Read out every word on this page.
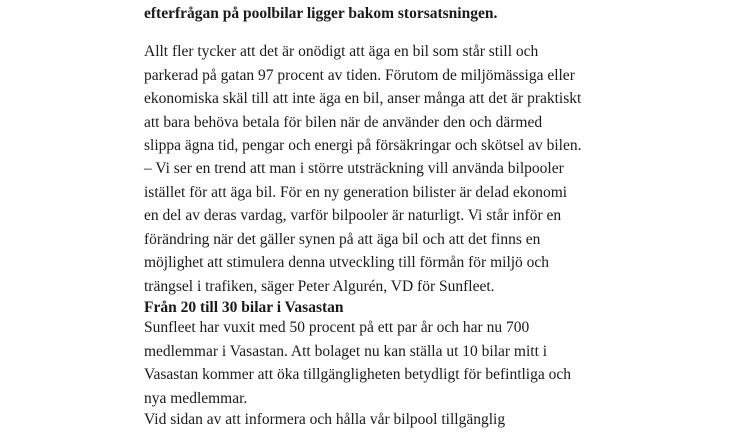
efterfrågan på poolbilar ligger bakom storsatsningen.

Allt fler tycker att det är onödigt att äga en bil som står still och
parkerad på gatan 97 procent av tiden. Förutom de miljömässiga eller
ekonomiska skäl till att inte äga en bil, anser många att det är praktiskt
att bara behöva betala för bilen när de använder den och därmed
slippa ägna tid, pengar och energi på försäkringar och skötsel av bilen.

– Vi ser en trend att man i större utsträckning vill använda bilpooler
istället för att äga bil. För en ny generation bilister är delad ekonomi
en del av deras vardag, varför bilpooler är naturligt. Vi står inför en
förändring när det gäller synen på att äga bil och att det finns en
möjlighet att stimulera denna utveckling till förmån för miljö och
trängsel i trafiken, säger Peter Algurén, VD för Sunfleet.

Från 20 till 30 bilar i Vasastan

Sunfleet har vuxit med 50 procent på ett par år och har nu 700
medlemmar i Vasastan. Att bolaget nu kan ställa ut 10 bilar mitt i
Vasastan kommer att öka tillgängligheten betydligt för befintliga och
nya medlemmar.

Vid sidan av att informera och hålla vår bilpool tillgänglig
